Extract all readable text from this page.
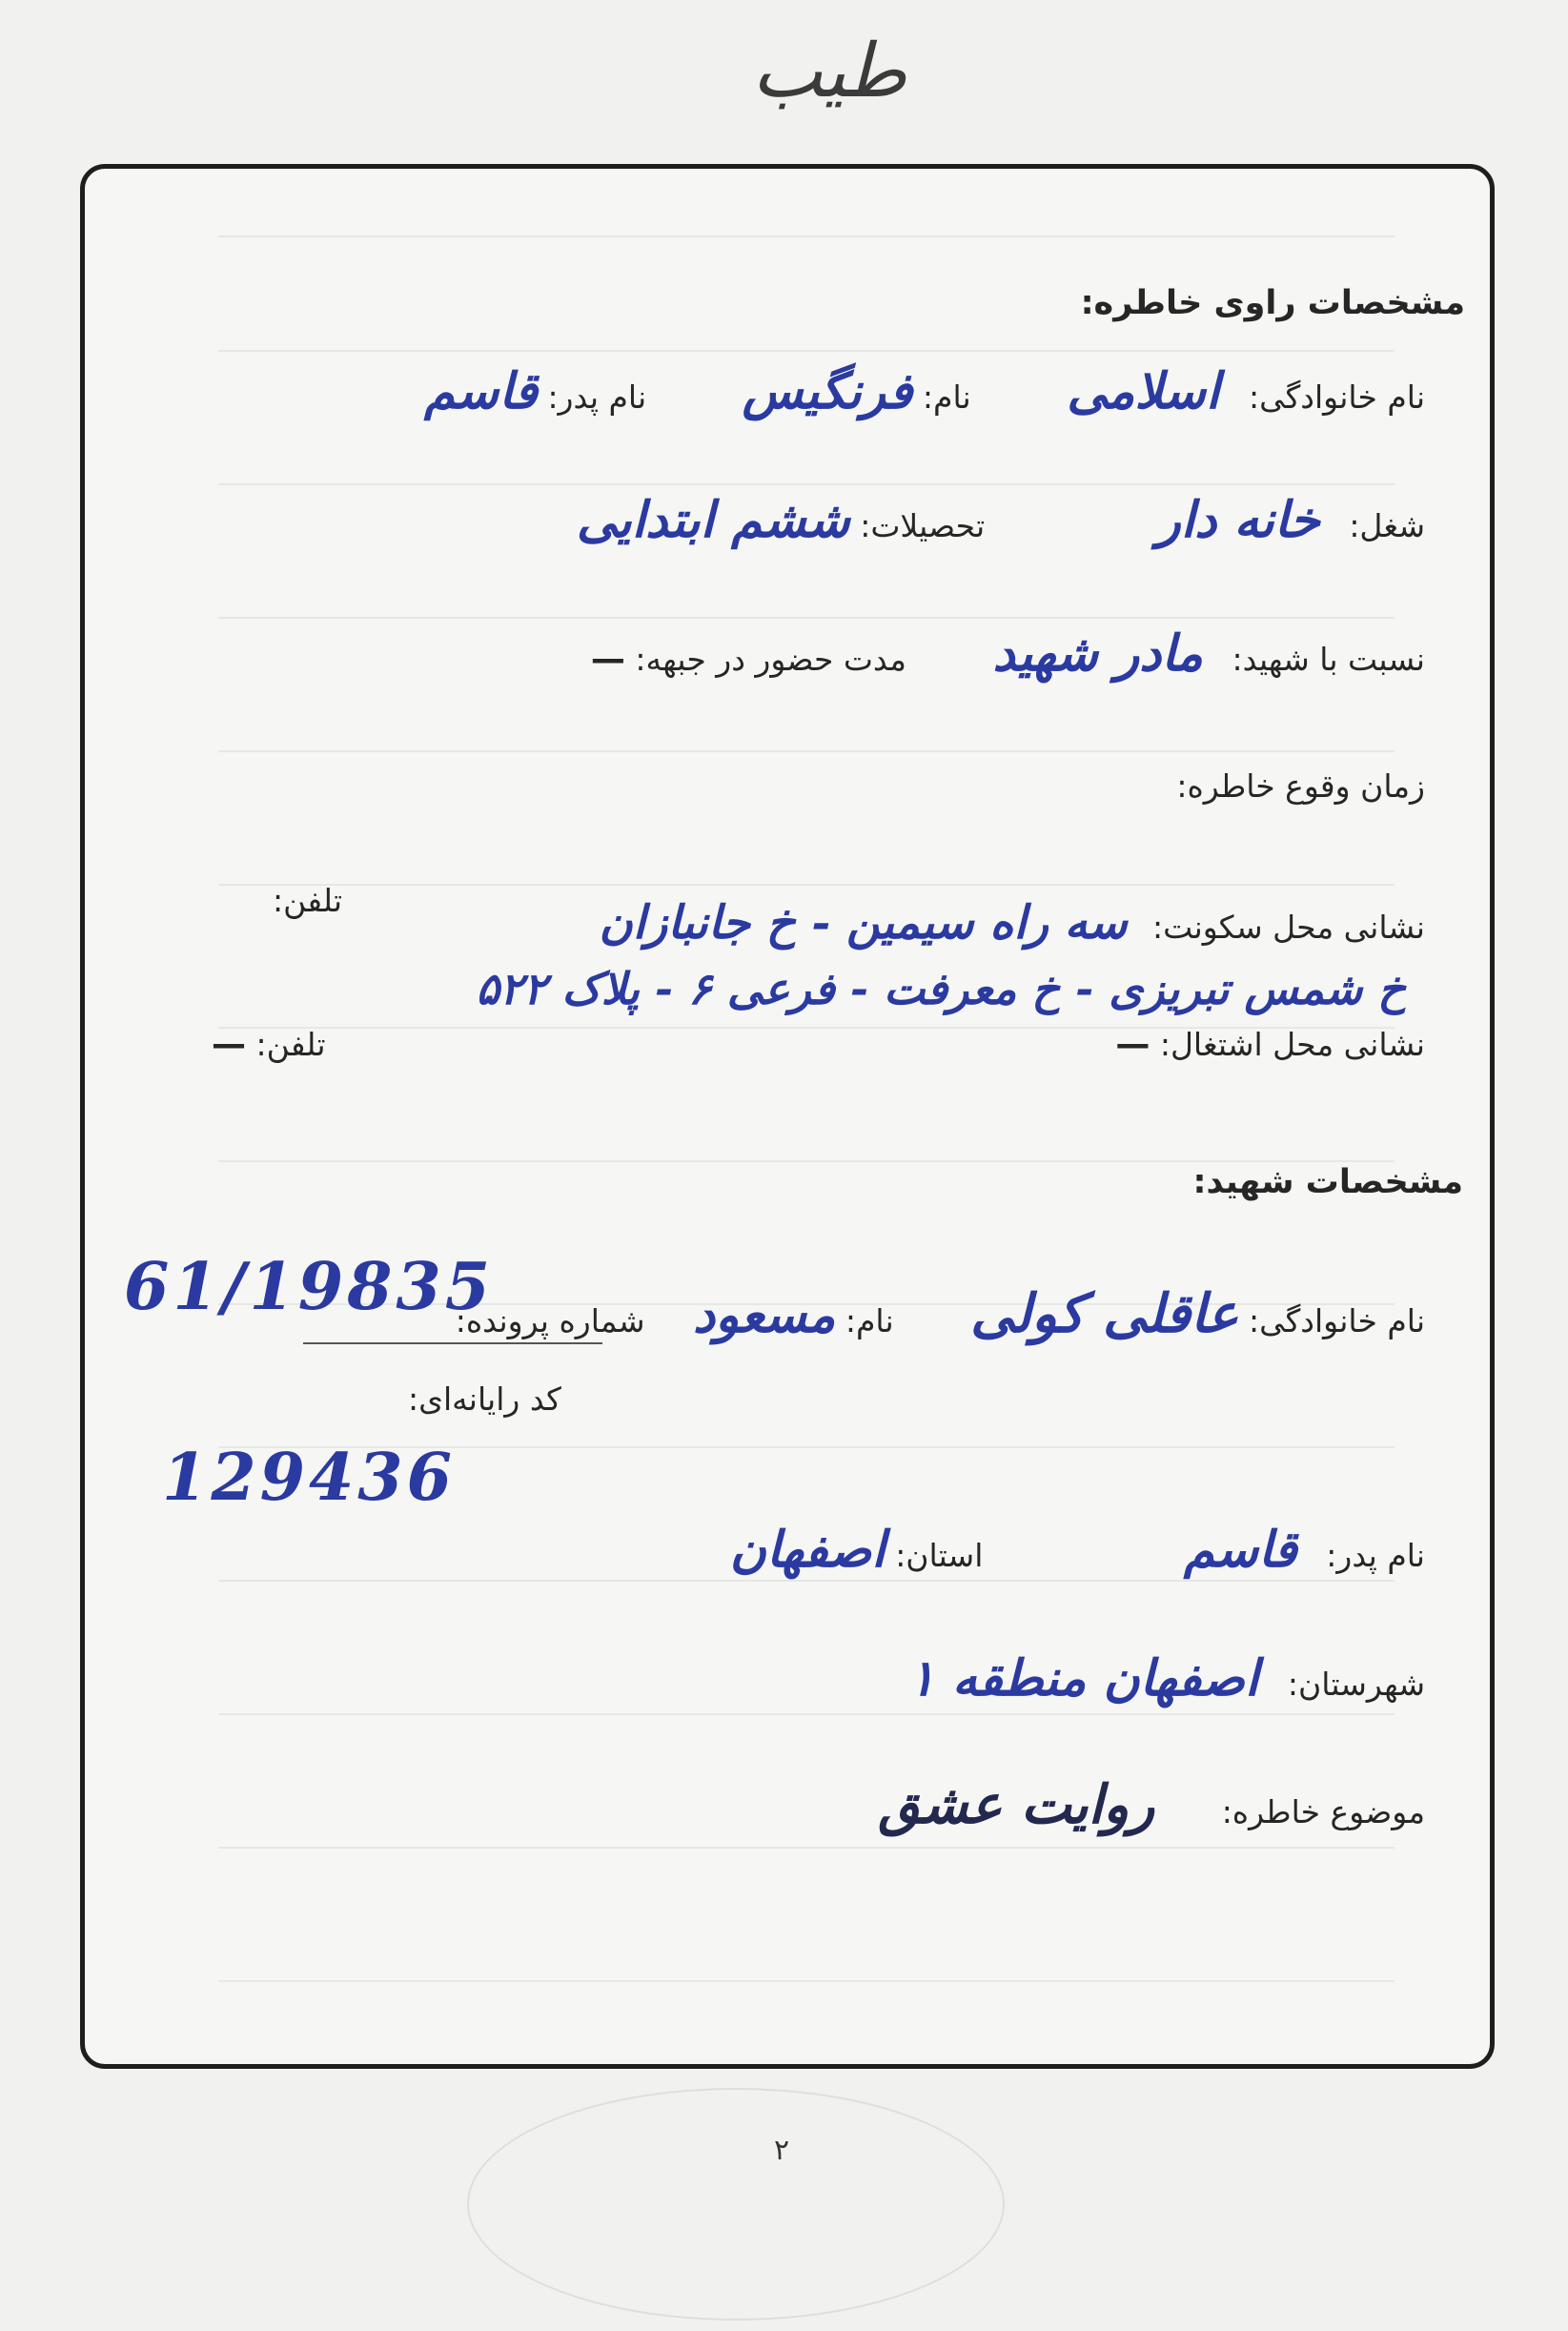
طیب
مشخصات راوی خاطره:
نام خانوادگی: اسلامی نام: فرنگیس نام پدر: قاسم
شغل: خانه دار تحصیلات: ششم ابتدایی
نسبت با شهید: مادر شهید مدت حضور در جبهه: —
زمان وقوع خاطره:
نشانی محل سکونت: سه راه سیمین - خ جانبازان
تلفن:
خ شمس تبریزی - خ معرفت - فرعی ۶ - پلاک ۵۲۲
نشانی محل اشتغال: —
تلفن: —
مشخصات شهید:
نام خانوادگی: عاقلی کولی نام: مسعود شماره پرونده:
61/19835
کد رایانه‌ای:
129436
نام پدر: قاسم استان: اصفهان
شهرستان: اصفهان منطقه ۱
موضوع خاطره: روایت عشق
۲
